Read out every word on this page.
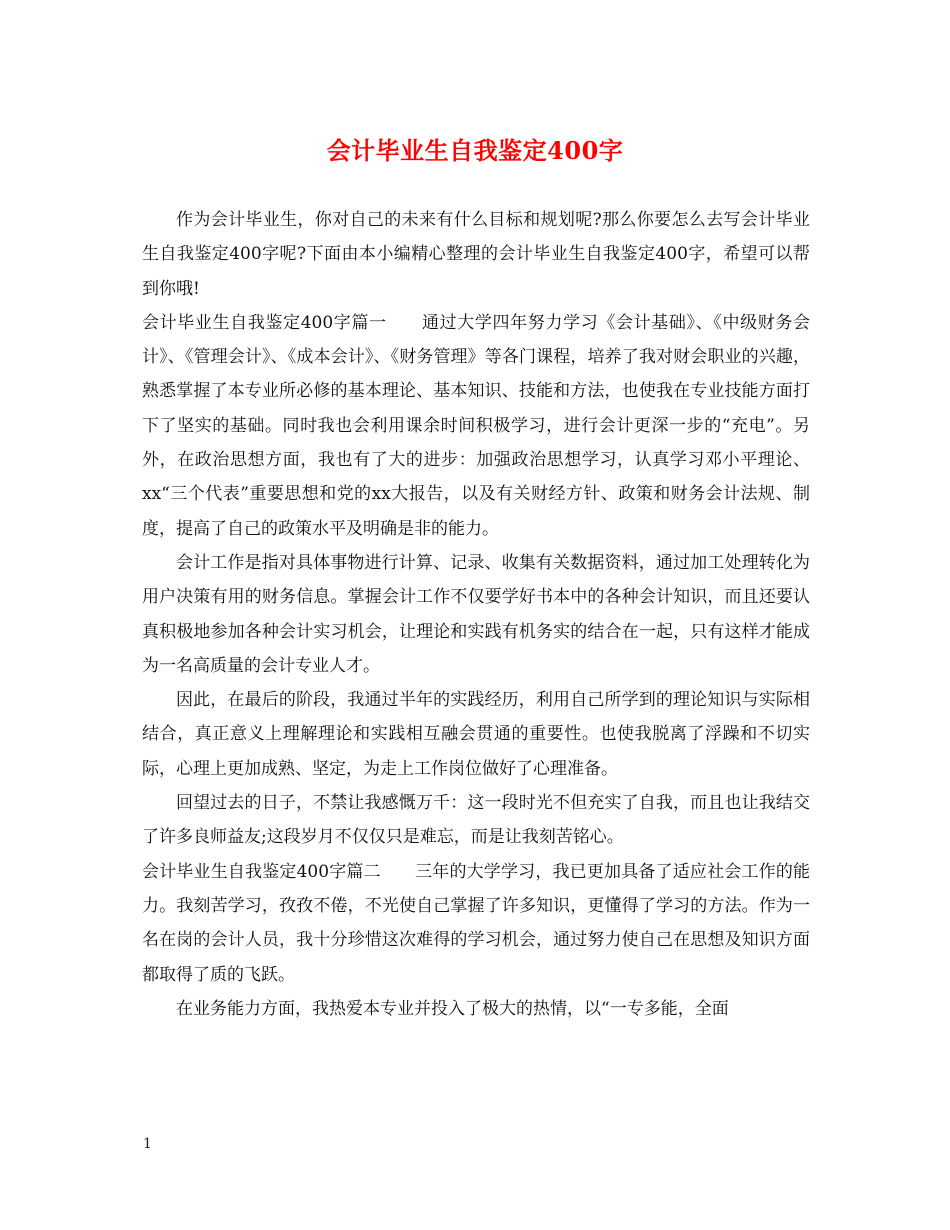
会计毕业生自我鉴定400字

作为会计毕业生，你对自己的未来有什么目标和规划呢?那么你要怎么去写会计毕业生自我鉴定400字呢?下面由本小编精心整理的会计毕业生自我鉴定400字，希望可以帮到你哦!

会计毕业生自我鉴定400字篇一　　通过大学四年努力学习《会计基础》、《中级财务会计》、《管理会计》、《成本会计》、《财务管理》等各门课程，培养了我对财会职业的兴趣，熟悉掌握了本专业所必修的基本理论、基本知识、技能和方法，也使我在专业技能方面打下了坚实的基础。同时我也会利用课余时间积极学习，进行会计更深一步的“充电”。另外，在政治思想方面，我也有了大的进步：加强政治思想学习，认真学习邓小平理论、xx“三个代表”重要思想和党的xx大报告，以及有关财经方针、政策和财务会计法规、制度，提高了自己的政策水平及明确是非的能力。

会计工作是指对具体事物进行计算、记录、收集有关数据资料，通过加工处理转化为用户决策有用的财务信息。掌握会计工作不仅要学好书本中的各种会计知识，而且还要认真积极地参加各种会计实习机会，让理论和实践有机务实的结合在一起，只有这样才能成为一名高质量的会计专业人才。

因此，在最后的阶段，我通过半年的实践经历，利用自己所学到的理论知识与实际相结合，真正意义上理解理论和实践相互融会贯通的重要性。也使我脱离了浮躁和不切实际，心理上更加成熟、坚定，为走上工作岗位做好了心理准备。

回望过去的日子，不禁让我感慨万千：这一段时光不但充实了自我，而且也让我结交了许多良师益友;这段岁月不仅仅只是难忘，而是让我刻苦铭心。

会计毕业生自我鉴定400字篇二　　三年的大学学习，我已更加具备了适应社会工作的能力。我刻苦学习，孜孜不倦，不光使自己掌握了许多知识，更懂得了学习的方法。作为一名在岗的会计人员，我十分珍惜这次难得的学习机会，通过努力使自己在思想及知识方面都取得了质的飞跃。

在业务能力方面，我热爱本专业并投入了极大的热情，以“一专多能，全面

1
